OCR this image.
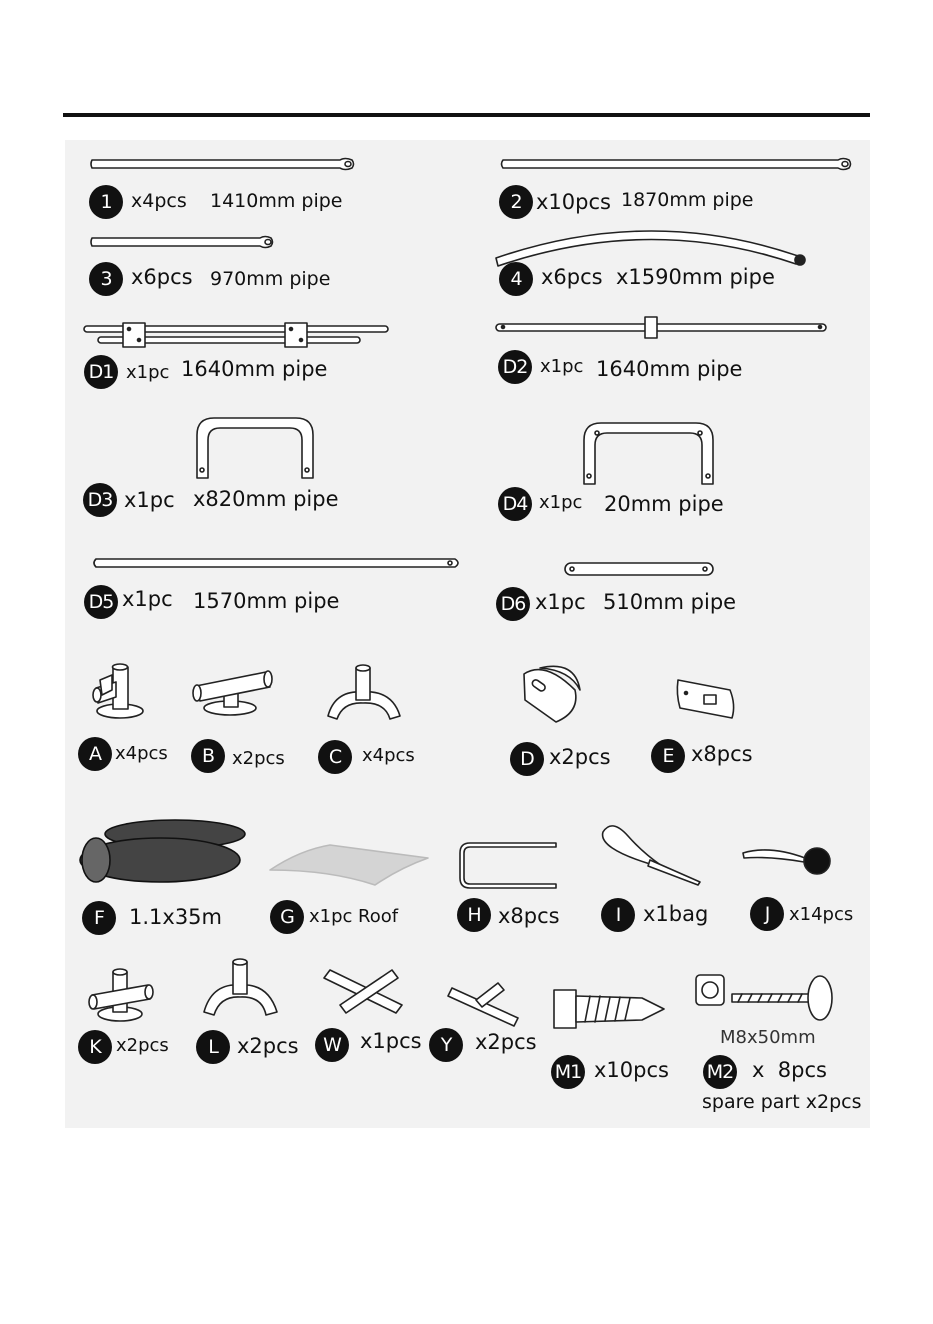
1	x4pcs 1410mm pipe	2 x10pcs 1870mm pipe
3 x6pcs 970mm pipe	4 x6pcs x1590mm pipe
D1 x1pc 1640mm pipe	D2 x1pc 1640mm pipe
D3 x1pc x820mm pipe	D4 x1pc 20mm pipe
D5 x1pc 1570mm pipe	D6 x1pc 510mm pipe
A x4pcs	B x2pcs	C	x4pcs	D x2pcs	E x8pcs
F	1.1x35m	G x1pc Roof	H x8pcs	I	x1bag	J	x14pcs
K x2pcs	L x2pcs	W x1pcs	Y	x2pcs
M1 x10pcs
M8x50mm
M2 x  8pcs
spare part x2pcs
